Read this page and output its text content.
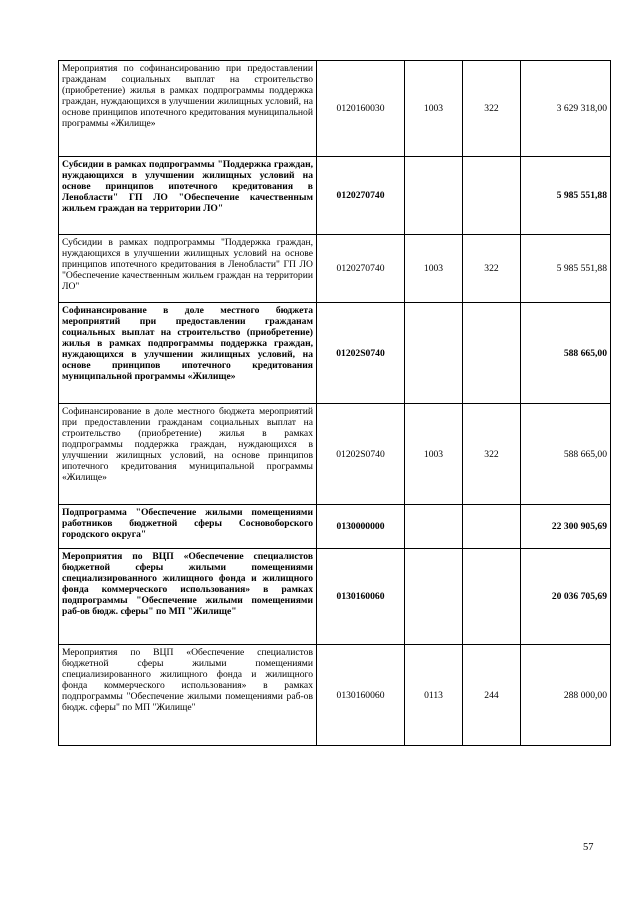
Мероприятия по софинансированию при предоставлении гражданам социальных выплат на строительство (приобретение) жилья в рамках подпрограммы поддержка граждан, нуждающихся в улучшении жилищных условий, на основе принципов ипотечного кредитования муниципальной программы «Жилище»	0120160030	1003	322	3 629 318,00
Субсидии в рамках подпрограммы "Поддержка граждан, нуждающихся в улучшении жилищных условий на основе принципов ипотечного кредитования в Ленобласти" ГП ЛО "Обеспечение качественным жильем граждан на территории ЛО"	0120270740			5 985 551,88
Субсидии в рамках подпрограммы "Поддержка граждан, нуждающихся в улучшении жилищных условий на основе принципов ипотечного кредитования в Ленобласти" ГП ЛО "Обеспечение качественным жильем граждан на территории ЛО"	0120270740	1003	322	5 985 551,88
Софинансирование в доле местного бюджета мероприятий при предоставлении гражданам социальных выплат на строительство (приобретение) жилья в рамках подпрограммы поддержка граждан, нуждающихся в улучшении жилищных условий, на основе принципов ипотечного кредитования муниципальной программы «Жилище»	01202S0740			588 665,00
Софинансирование в доле местного бюджета мероприятий при предоставлении гражданам социальных выплат на строительство (приобретение) жилья в рамках подпрограммы поддержка граждан, нуждающихся в улучшении жилищных условий, на основе принципов ипотечного кредитования муниципальной программы «Жилище»	01202S0740	1003	322	588 665,00
Подпрограмма "Обеспечение жилыми помещениями работников бюджетной сферы Сосновоборского городского округа"	0130000000			22 300 905,69
Мероприятия по ВЦП «Обеспечение специалистов бюджетной сферы жилыми помещениями специализированного жилищного фонда и жилищного фонда коммерческого использования» в рамках подпрограммы "Обеспечение жилыми помещениями раб-ов бюдж. сферы" по МП "Жилище"	0130160060			20 036 705,69
Мероприятия по ВЦП «Обеспечение специалистов бюджетной сферы жилыми помещениями специализированного жилищного фонда и жилищного фонда коммерческого использования» в рамках подпрограммы "Обеспечение жилыми помещениями раб-ов бюдж. сферы" по МП "Жилище"	0130160060	0113	244	288 000,00
57
